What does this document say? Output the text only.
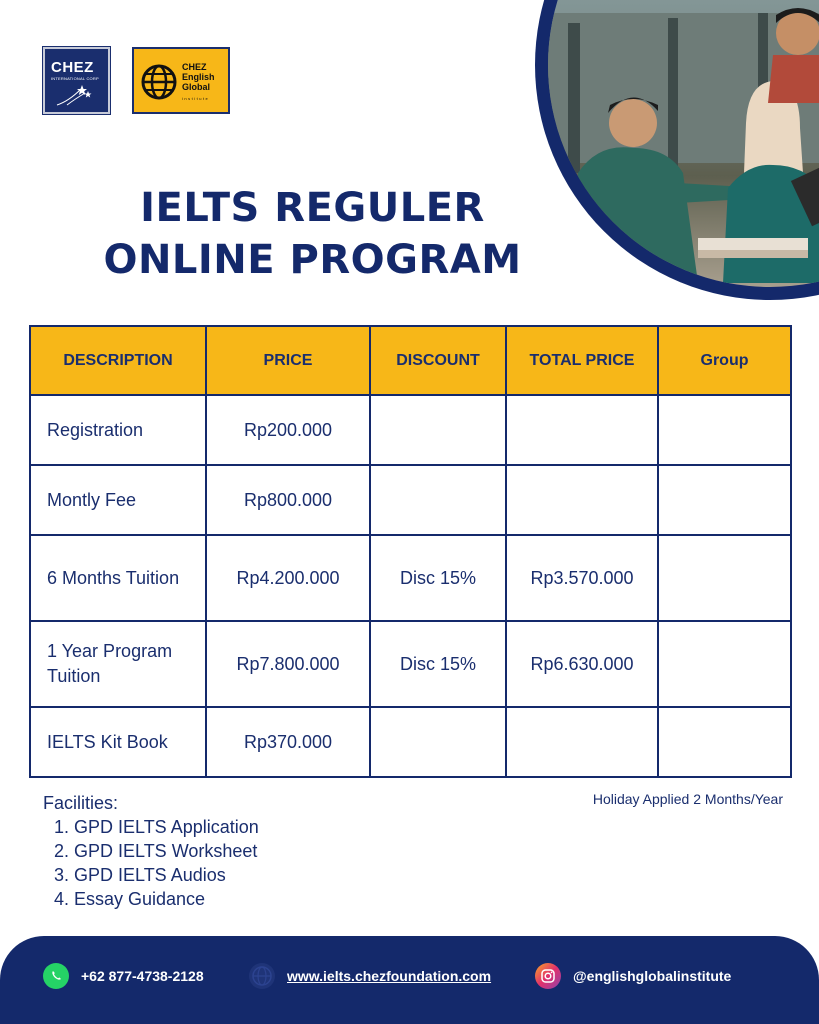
CHEZ
INTERNATIONAL CORP
CHEZ
English
Global
institute
IELTS REGULER
ONLINE PROGRAM
DESCRIPTION	PRICE	DISCOUNT	TOTAL PRICE	Group
Registration	Rp200.000			
Montly Fee	Rp800.000			
6 Months Tuition	Rp4.200.000	Disc 15%	Rp3.570.000	
1 Year Program Tuition	Rp7.800.000	Disc 15%	Rp6.630.000	
IELTS Kit Book	Rp370.000			
Facilities:
1. GPD IELTS Application
2. GPD IELTS Worksheet
3. GPD IELTS Audios
4. Essay Guidance
Holiday Applied 2 Months/Year
+62 877-4738-2128	www.ielts.chezfoundation.com	@englishglobalinstitute
